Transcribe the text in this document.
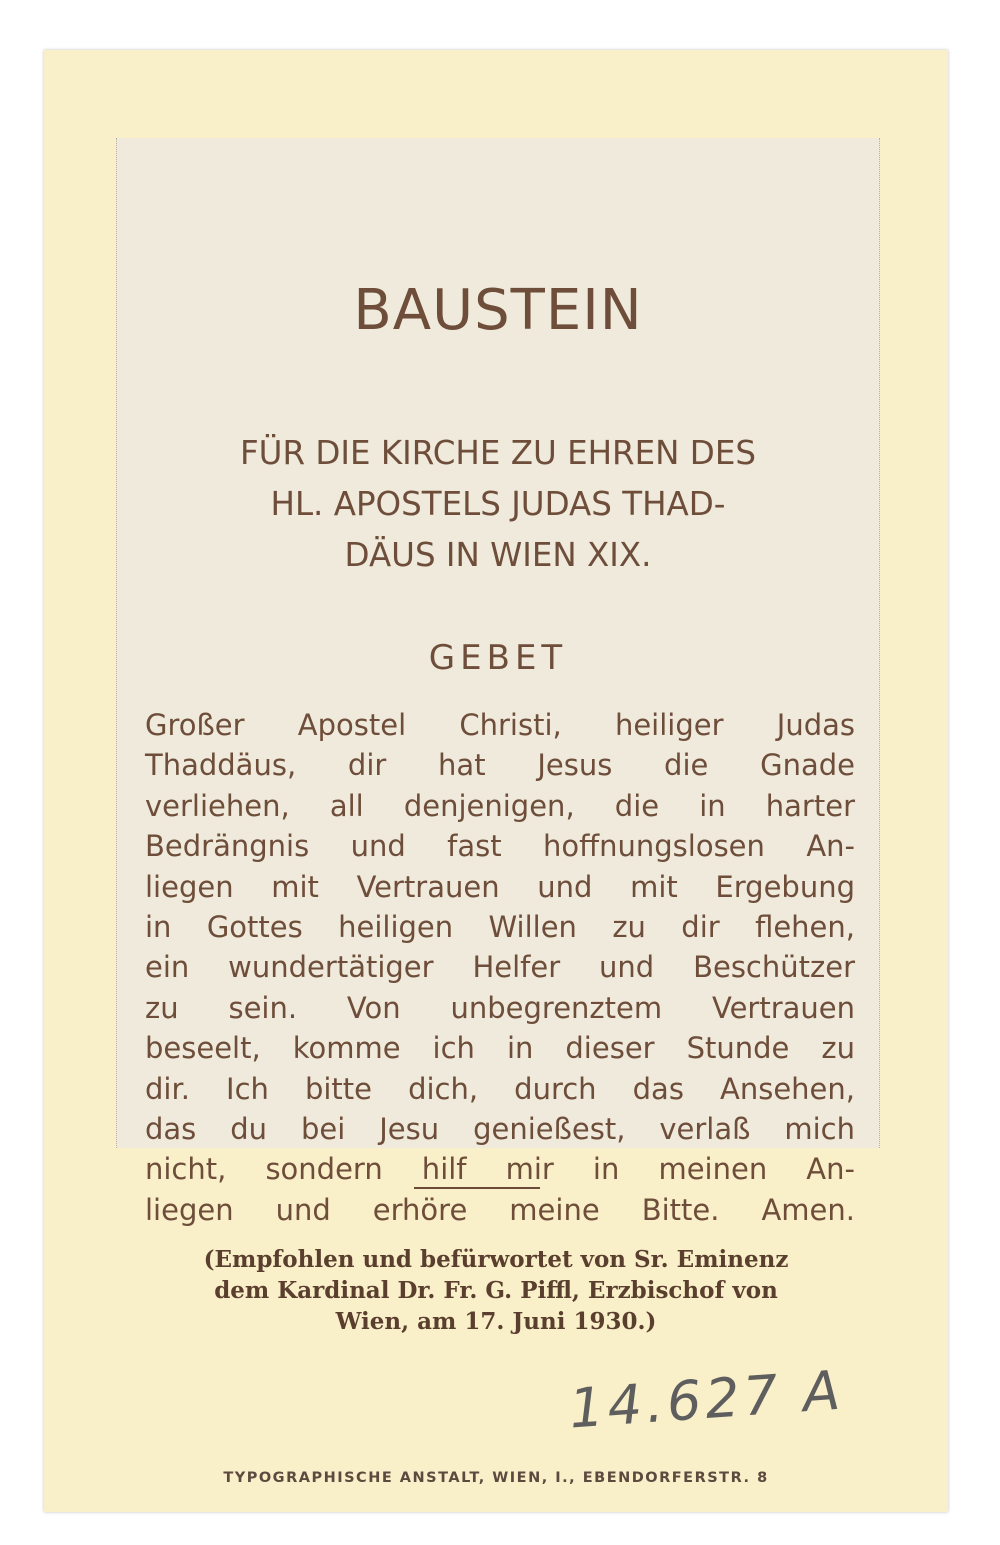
BAUSTEIN
FÜR DIE KIRCHE ZU EHREN DES
HL. APOSTELS JUDAS THAD-
DÄUS IN WIEN XIX.
GEBET
Großer Apostel Christi, heiliger Judas
Thaddäus, dir hat Jesus die Gnade
verliehen, all denjenigen, die in harter
Bedrängnis und fast hoffnungslosen An-
liegen mit Vertrauen und mit Ergebung
in Gottes heiligen Willen zu dir flehen,
ein wundertätiger Helfer und Beschützer
zu sein. Von unbegrenztem Vertrauen
beseelt, komme ich in dieser Stunde zu
dir. Ich bitte dich, durch das Ansehen,
das du bei Jesu genießest, verlaß mich
nicht, sondern hilf mir in meinen An-
liegen und erhöre meine Bitte. Amen.
(Empfohlen und befürwortet von Sr. Eminenz
dem Kardinal Dr. Fr. G. Piffl, Erzbischof von
Wien, am 17. Juni 1930.)
14.627 A
TYPOGRAPHISCHE ANSTALT, WIEN, I., EBENDORFERSTR. 8
